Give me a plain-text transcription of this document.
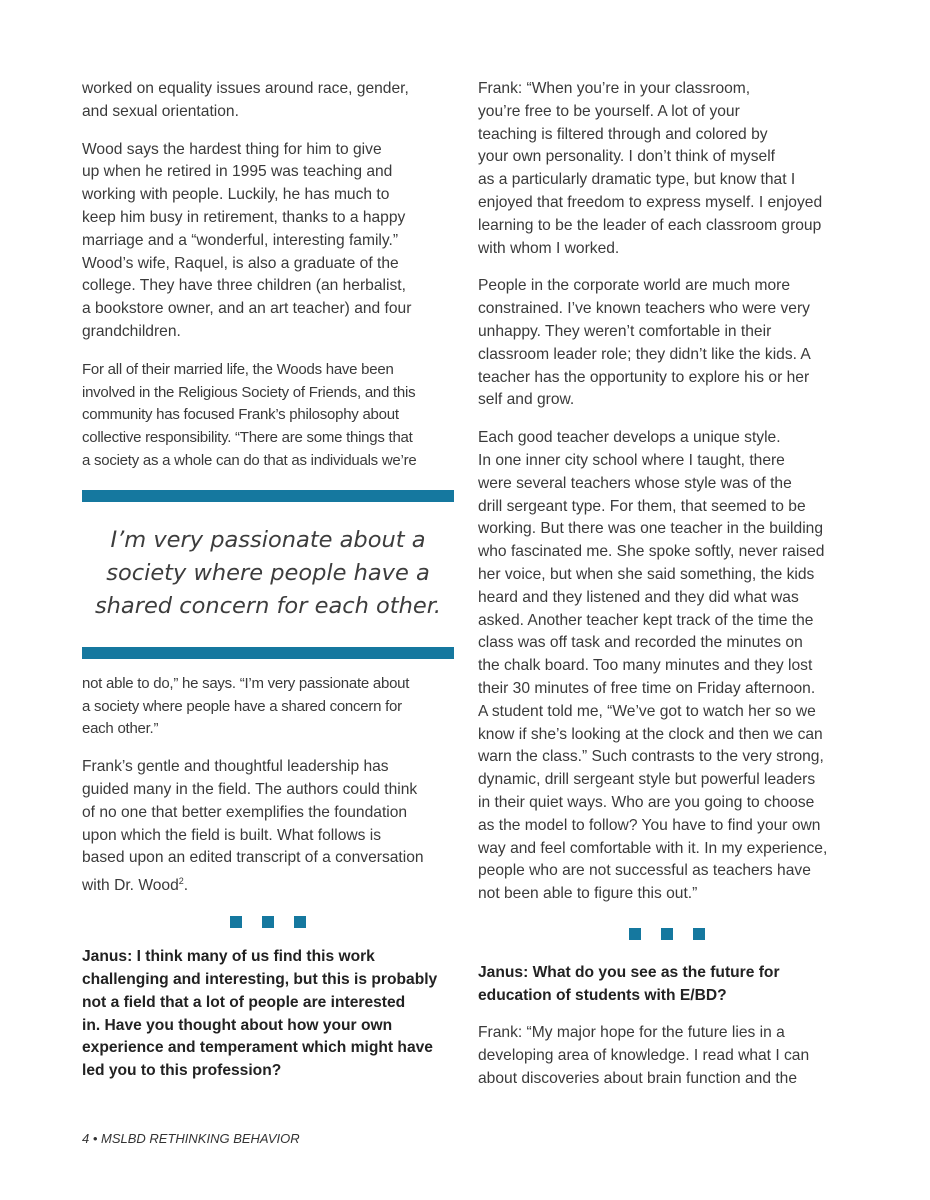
worked on equality issues around race, gender,
and sexual orientation.

Wood says the hardest thing for him to give
up when he retired in 1995 was teaching and
working with people. Luckily, he has much to
keep him busy in retirement, thanks to a happy
marriage and a “wonderful, interesting family.”
Wood’s wife, Raquel, is also a graduate of the
college. They have three children (an herbalist,
a bookstore owner, and an art teacher) and four
grandchildren.

For all of their married life, the Woods have been
involved in the Religious Society of Friends, and this
community has focused Frank’s philosophy about
collective responsibility. “There are some things that
a society as a whole can do that as individuals we’re

I’m very passionate about a
society where people have a
shared concern for each other.

not able to do,” he says. “I’m very passionate about
a society where people have a shared concern for
each other.”

Frank’s gentle and thoughtful leadership has
guided many in the field. The authors could think
of no one that better exemplifies the foundation
upon which the field is built. What follows is
based upon an edited transcript of a conversation
with Dr. Wood$^2$.

Janus: I think many of us find this work
challenging and interesting, but this is probably
not a field that a lot of people are interested
in. Have you thought about how your own
experience and temperament which might have
led you to this profession?

Frank: “When you’re in your classroom,
you’re free to be yourself. A lot of your
teaching is filtered through and colored by
your own personality. I don’t think of myself
as a particularly dramatic type, but know that I
enjoyed that freedom to express myself. I enjoyed
learning to be the leader of each classroom group
with whom I worked.

People in the corporate world are much more
constrained. I’ve known teachers who were very
unhappy. They weren’t comfortable in their
classroom leader role; they didn’t like the kids. A
teacher has the opportunity to explore his or her
self and grow.

Each good teacher develops a unique style.
In one inner city school where I taught, there
were several teachers whose style was of the
drill sergeant type. For them, that seemed to be
working. But there was one teacher in the building
who fascinated me. She spoke softly, never raised
her voice, but when she said something, the kids
heard and they listened and they did what was
asked. Another teacher kept track of the time the
class was off task and recorded the minutes on
the chalk board. Too many minutes and they lost
their 30 minutes of free time on Friday afternoon.
A student told me, “We’ve got to watch her so we
know if she’s looking at the clock and then we can
warn the class.” Such contrasts to the very strong,
dynamic, drill sergeant style but powerful leaders
in their quiet ways. Who are you going to choose
as the model to follow? You have to find your own
way and feel comfortable with it. In my experience,
people who are not successful as teachers have
not been able to figure this out.”

Janus: What do you see as the future for
education of students with E/BD?

Frank: “My major hope for the future lies in a
developing area of knowledge. I read what I can
about discoveries about brain function and the

4 • MSLBD RETHINKING BEHAVIOR
